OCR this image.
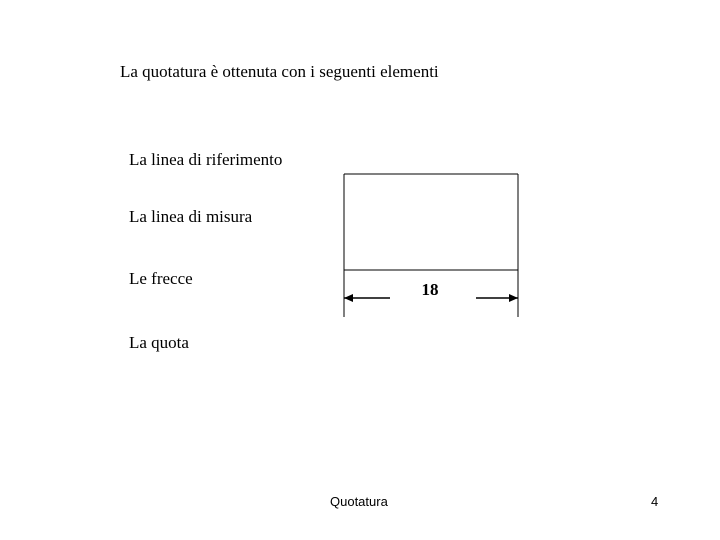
La quotatura è ottenuta con i seguenti elementi
La linea di riferimento
La linea di misura
Le frecce
La quota
18
Quotatura	4
